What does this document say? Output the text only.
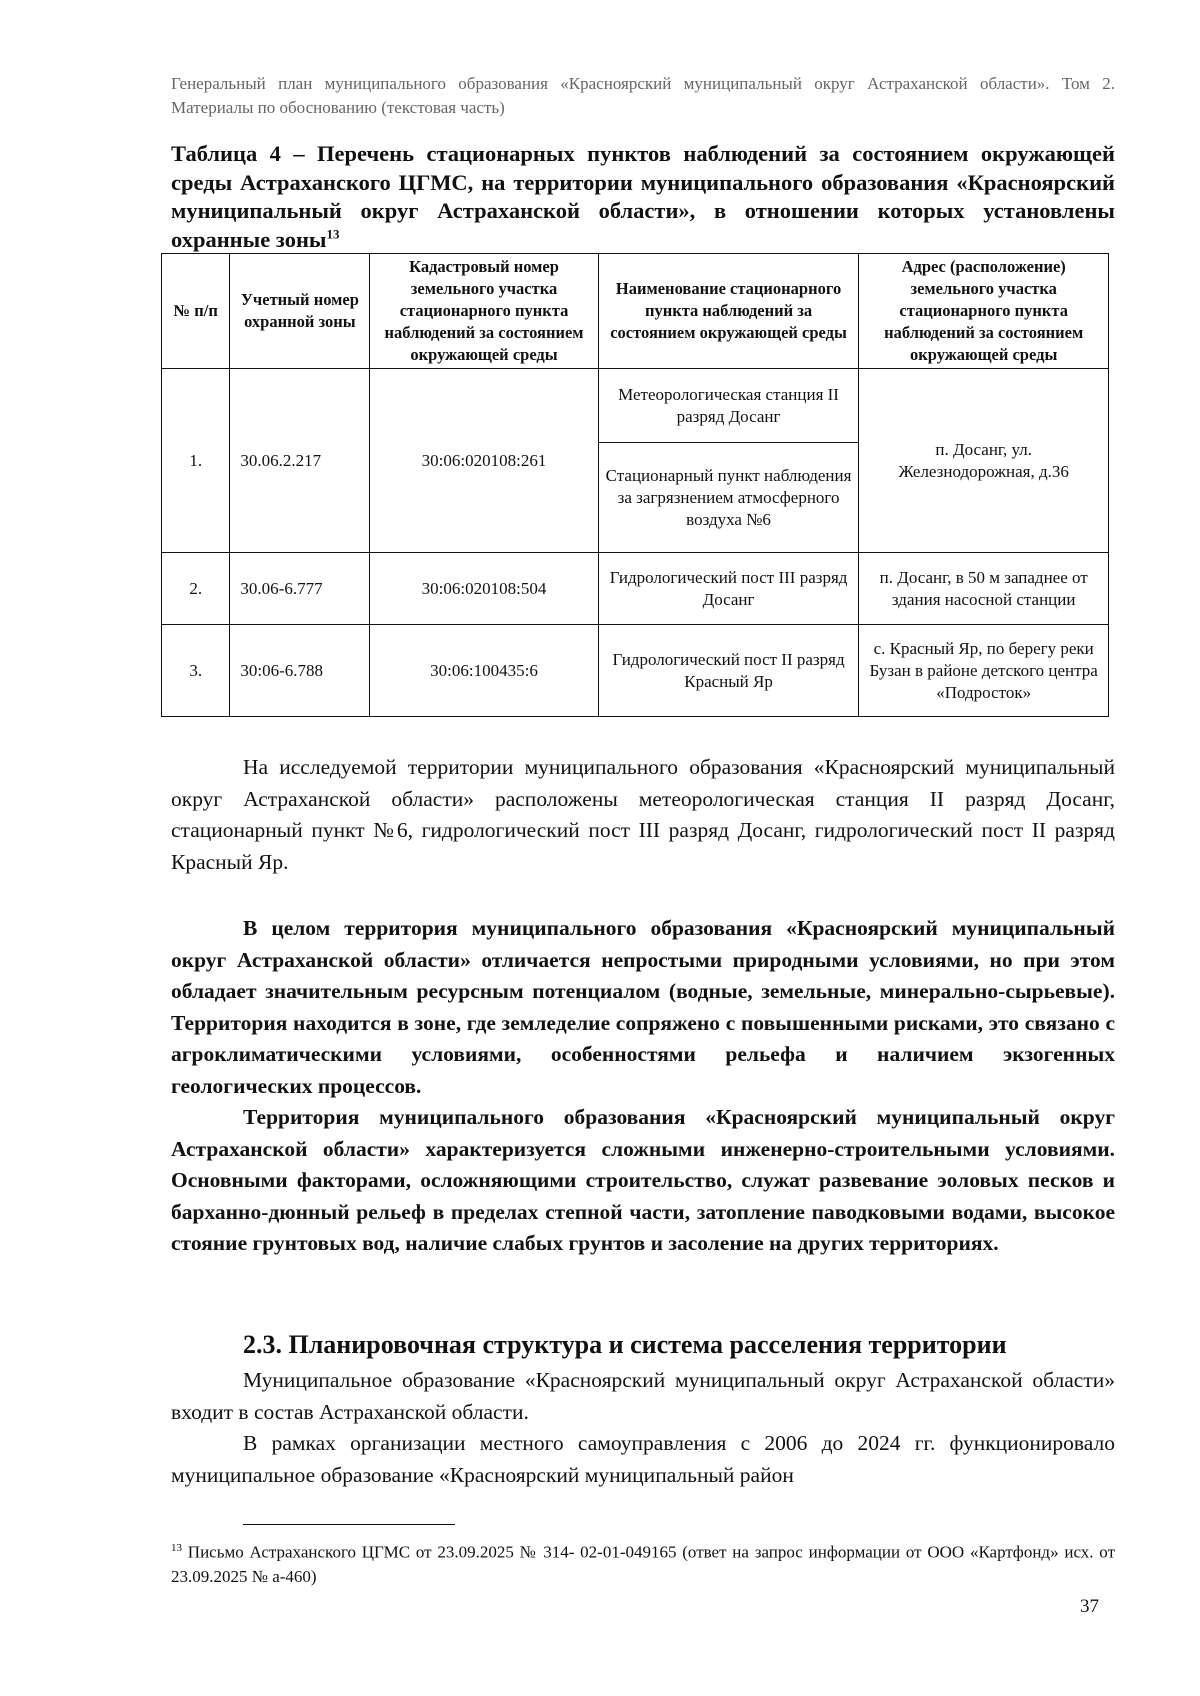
Генеральный план муниципального образования «Красноярский муниципальный округ Астраханской области». Том 2. Материалы по обоснованию (текстовая часть)
Таблица 4 – Перечень стационарных пунктов наблюдений за состоянием окружающей среды Астраханского ЦГМС, на территории муниципального образования «Красноярский муниципальный округ Астраханской области», в отношении которых установлены охранные зоны$^{13}$
№ п/п	Учетный номер охранной зоны	Кадастровый номер земельного участка стационарного пункта наблюдений за состоянием окружающей среды	Наименование стационарного пункта наблюдений за состоянием окружающей среды	Адрес (расположение) земельного участка стационарного пункта наблюдений за состоянием окружающей среды
1.	30.06.2.217	30:06:020108:261	Метеорологическая станция II разряд Досанг	п. Досанг, ул. Железнодорожная, д.36
			Стационарный пункт наблюдения за загрязнением атмосферного воздуха №6	
2.	30.06-6.777	30:06:020108:504	Гидрологический пост III разряд Досанг	п. Досанг, в 50 м западнее от здания насосной станции
3.	30:06-6.788	30:06:100435:6	Гидрологический пост II разряд Красный Яр	с. Красный Яр, по берегу реки Бузан в районе детского центра «Подросток»

На исследуемой территории муниципального образования «Красноярский муниципальный округ Астраханской области» расположены метеорологическая станция II разряд Досанг, стационарный пункт №6, гидрологический пост III разряд Досанг, гидрологический пост II разряд Красный Яр.

В целом территория муниципального образования «Красноярский муниципальный округ Астраханской области» отличается непростыми природными условиями, но при этом обладает значительным ресурсным потенциалом (водные, земельные, минерально-сырьевые). Территория находится в зоне, где земледелие сопряжено с повышенными рисками, это связано с агроклиматическими условиями, особенностями рельефа и наличием экзогенных геологических процессов.

Территория муниципального образования «Красноярский муниципальный округ Астраханской области» характеризуется сложными инженерно-строительными условиями. Основными факторами, осложняющими строительство, служат развевание эоловых песков и барханно-дюнный рельеф в пределах степной части, затопление паводковыми водами, высокое стояние грунтовых вод, наличие слабых грунтов и засоление на других территориях.

2.3. Планировочная структура и система расселения территории

Муниципальное образование «Красноярский муниципальный округ Астраханской области» входит в состав Астраханской области.

В рамках организации местного самоуправления с 2006 до 2024 гг. функционировало муниципальное образование «Красноярский муниципальный район

$^{13}$ Письмо Астраханского ЦГМС от 23.09.2025 № 314- 02-01-049165 (ответ на запрос информации от ООО «Картфонд» исх. от 23.09.2025 № а-460)
37
